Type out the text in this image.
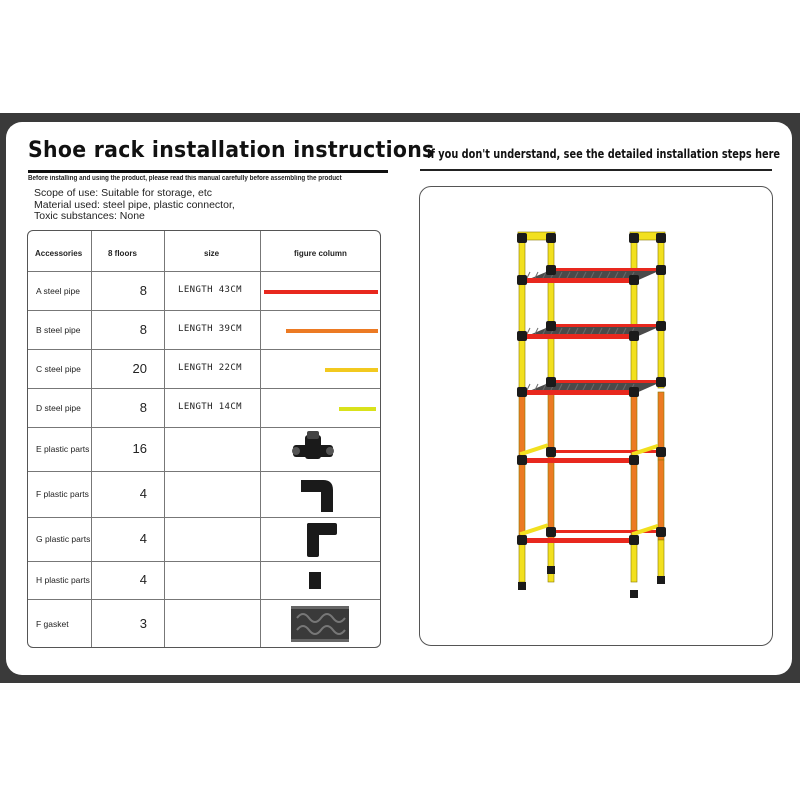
Shoe rack installation instructions
Before installing and using the product, please read this manual carefully before assembling the product
Scope of use: Suitable for storage, etc
Material used: steel pipe, plastic connector,
Toxic substances: None
Accessories	8 floors	size	figure column
A steel pipe	8	LENGTH 43CM
B steel pipe	8	LENGTH 39CM
C steel pipe	20	LENGTH 22CM
D steel pipe	8	LENGTH 14CM
E plastic parts	16
F plastic parts	4
G plastic parts	4
H plastic parts	4
F gasket	3
If you don't understand, see the detailed installation steps here
